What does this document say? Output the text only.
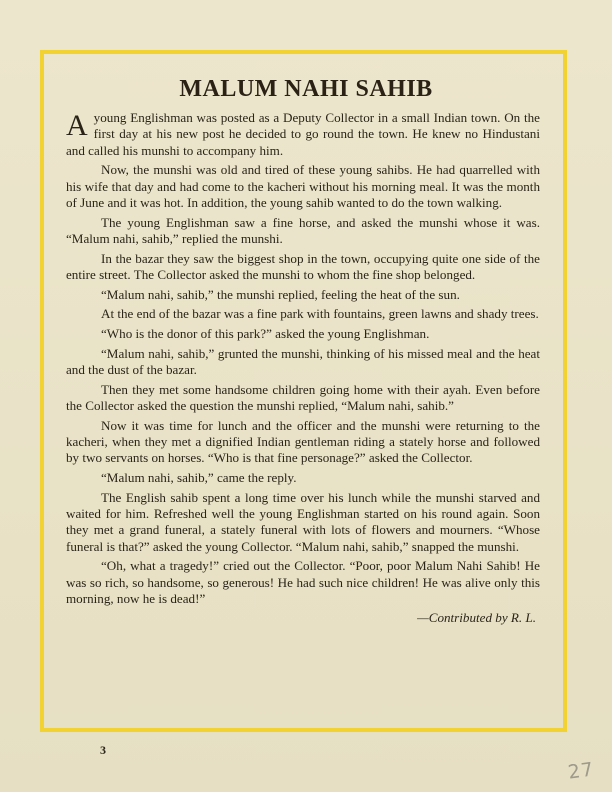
MALUM NAHI SAHIB

A young Englishman was posted as a Deputy Collector in a small Indian town. On the first day at his new post he decided to go round the town. He knew no Hindustani and called his munshi to accompany him.

Now, the munshi was old and tired of these young sahibs. He had quarrelled with his wife that day and had come to the kacheri without his morning meal. It was the month of June and it was hot. In addition, the young sahib wanted to do the town walking.

The young Englishman saw a fine horse, and asked the munshi whose it was. “Malum nahi, sahib,” replied the munshi.

In the bazar they saw the biggest shop in the town, occupying quite one side of the entire street. The Collector asked the munshi to whom the fine shop belonged.

“Malum nahi, sahib,” the munshi replied, feeling the heat of the sun.

At the end of the bazar was a fine park with fountains, green lawns and shady trees.

“Who is the donor of this park?” asked the young Englishman.

“Malum nahi, sahib,” grunted the munshi, thinking of his missed meal and the heat and the dust of the bazar.

Then they met some handsome children going home with their ayah. Even before the Collector asked the question the munshi replied, “Malum nahi, sahib.”

Now it was time for lunch and the officer and the munshi were returning to the kacheri, when they met a dignified Indian gentleman riding a stately horse and followed by two servants on horses. “Who is that fine personage?” asked the Collector.

“Malum nahi, sahib,” came the reply.

The English sahib spent a long time over his lunch while the munshi starved and waited for him. Refreshed well the young Englishman started on his round again. Soon they met a grand funeral, a stately funeral with lots of flowers and mourners. “Whose funeral is that?” asked the young Collector. “Malum nahi, sahib,” snapped the munshi.

“Oh, what a tragedy!” cried out the Collector. “Poor, poor Malum Nahi Sahib! He was so rich, so handsome, so generous! He had such nice children! He was alive only this morning, now he is dead!”

—Contributed by R. L.
3
27
